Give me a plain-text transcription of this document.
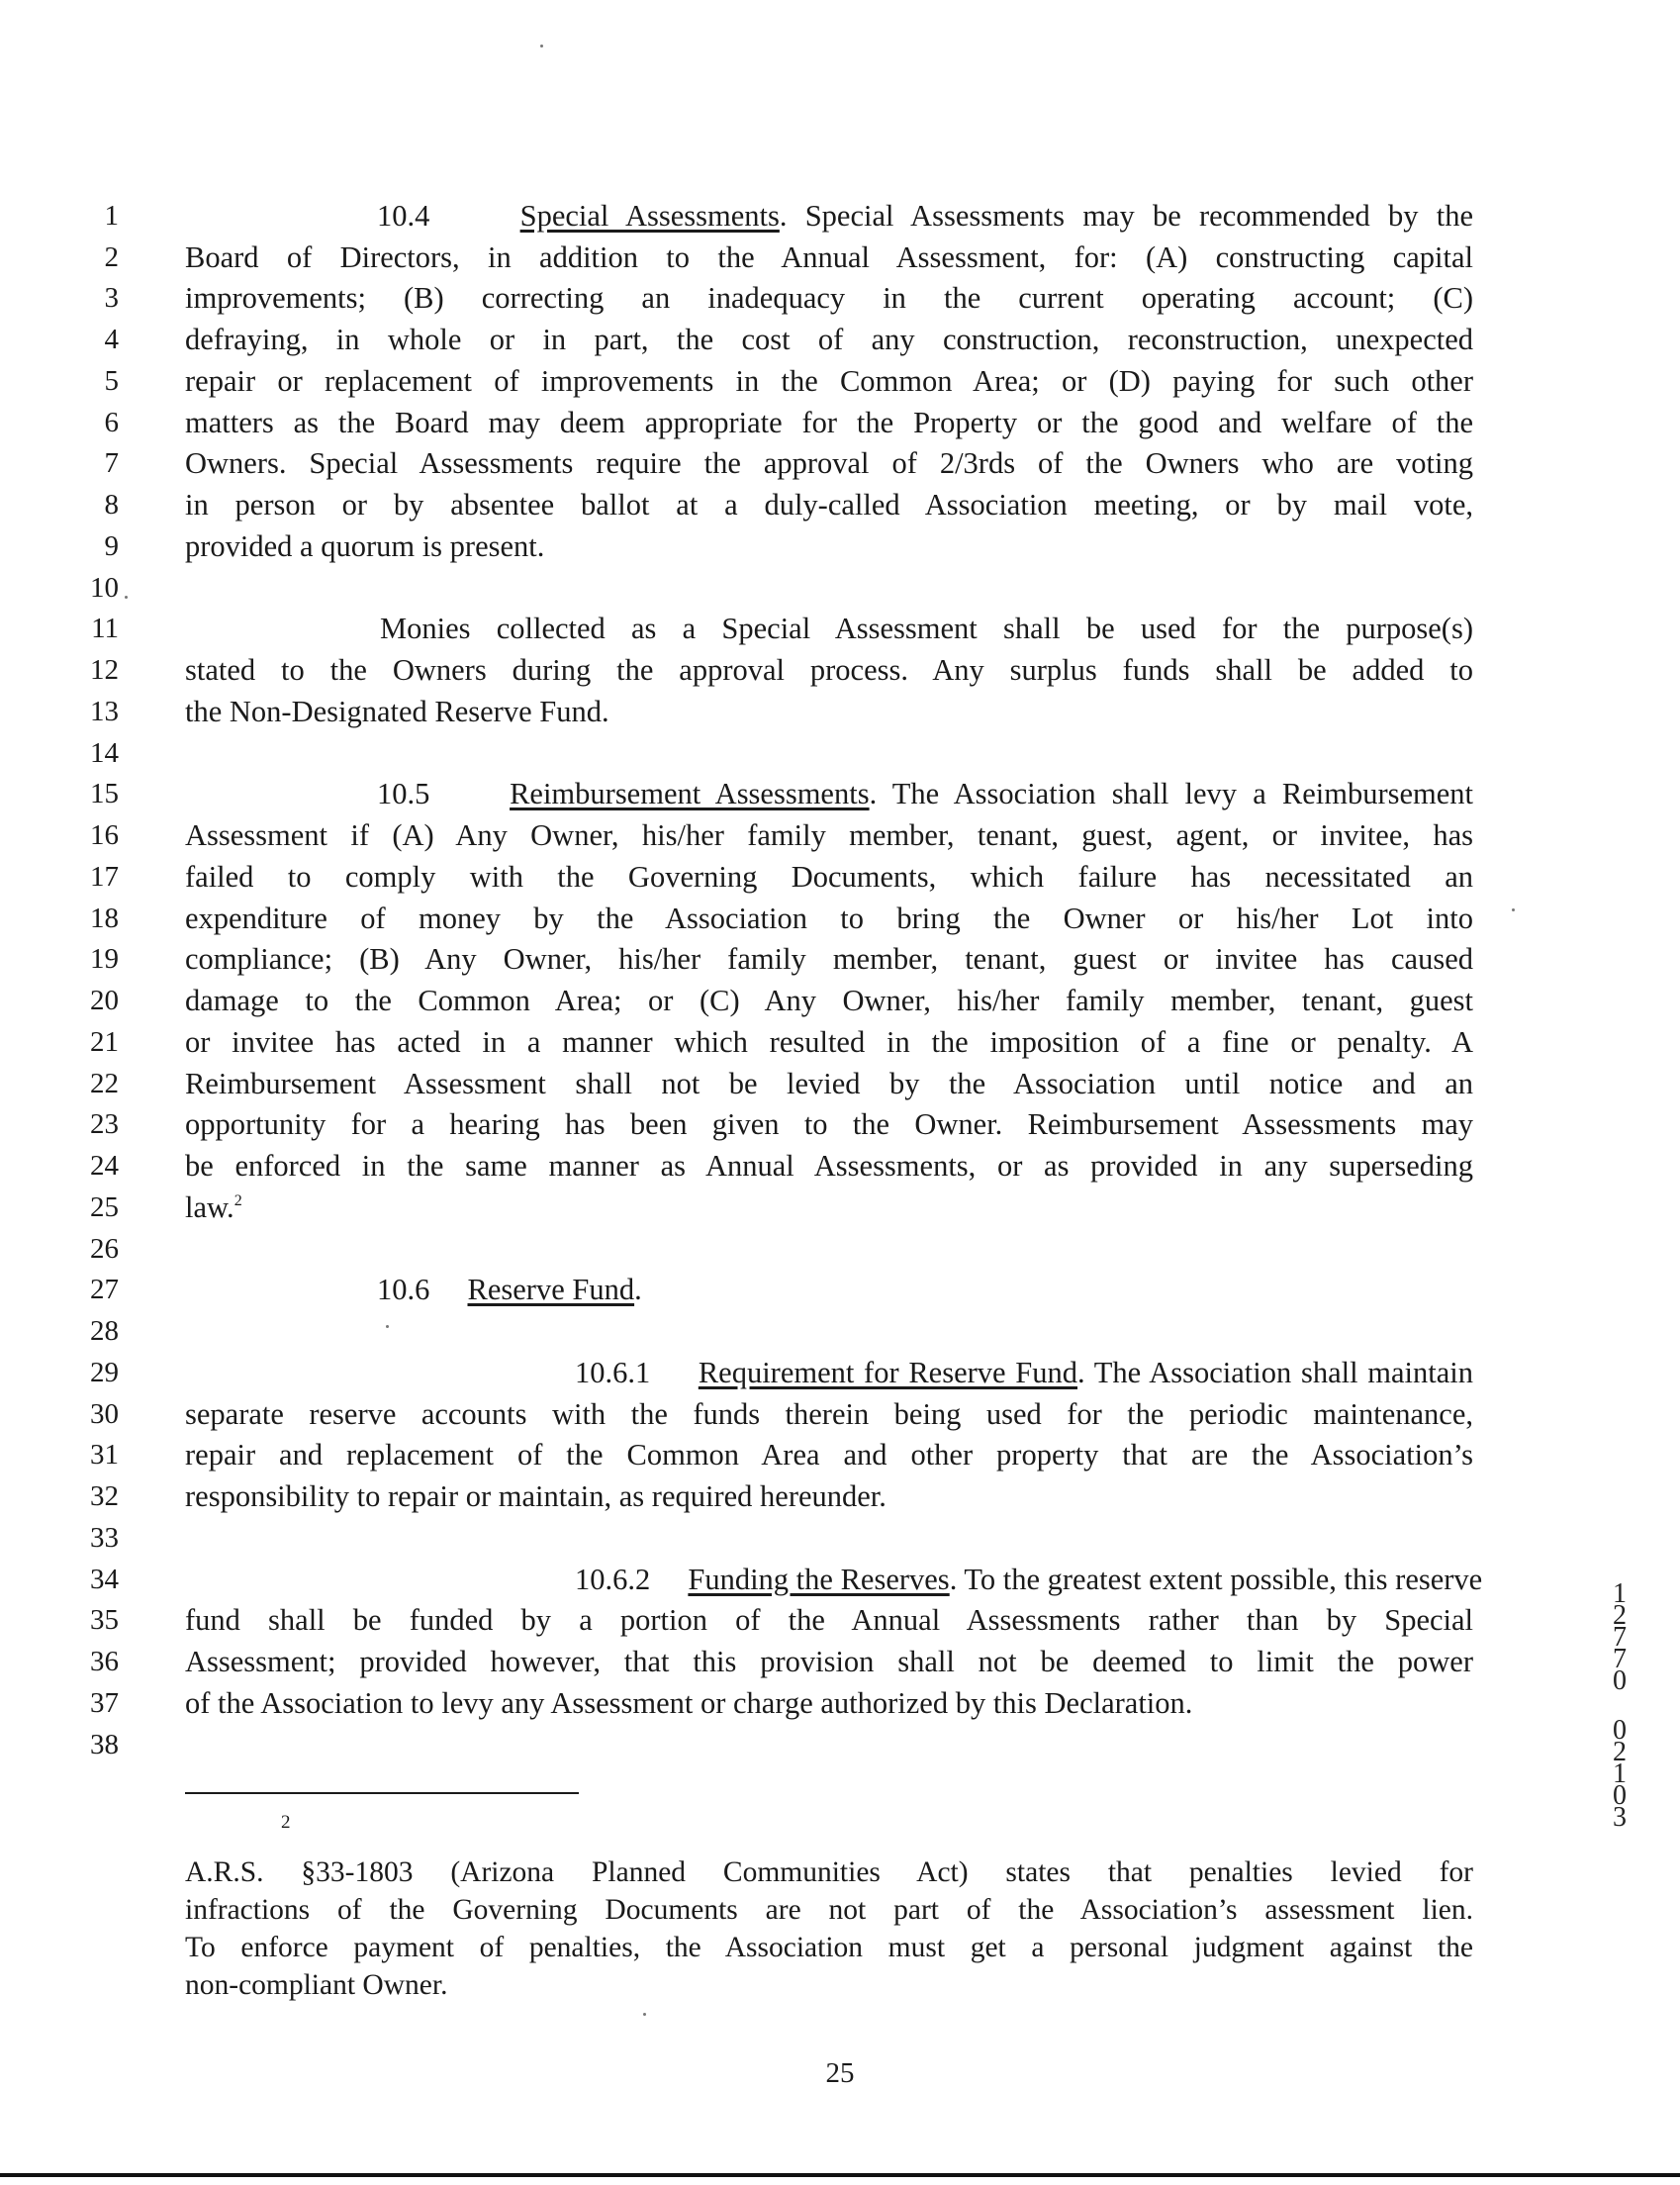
1
2
3
4
5
6
7
8
9
10
11
12
13
14
15
16
17
18
19
20
21
22
23
24
25
26
27
28
29
30
31
32
33
34
35
36
37
38
10.4	Special Assessments. Special Assessments may be recommended by the
Board of Directors, in addition to the Annual Assessment, for: (A) constructing capital
improvements; (B) correcting an inadequacy in the current operating account; (C)
defraying, in whole or in part, the cost of any construction, reconstruction, unexpected
repair or replacement of improvements in the Common Area; or (D) paying for such other
matters as the Board may deem appropriate for the Property or the good and welfare of the
Owners. Special Assessments require the approval of 2/3rds of the Owners who are voting
in person or by absentee ballot at a duly-called Association meeting, or by mail vote,
provided a quorum is present.
Monies collected as a Special Assessment shall be used for the purpose(s)
stated to the Owners during the approval process. Any surplus funds shall be added to
the Non-Designated Reserve Fund.
10.5	Reimbursement Assessments. The Association shall levy a Reimbursement
Assessment if (A) Any Owner, his/her family member, tenant, guest, agent, or invitee, has
failed to comply with the Governing Documents, which failure has necessitated an
expenditure of money by the Association to bring the Owner or his/her Lot into
compliance; (B) Any Owner, his/her family member, tenant, guest or invitee has caused
damage to the Common Area; or (C) Any Owner, his/her family member, tenant, guest
or invitee has acted in a manner which resulted in the imposition of a fine or penalty. A
Reimbursement Assessment shall not be levied by the Association until notice and an
opportunity for a hearing has been given to the Owner. Reimbursement Assessments may
be enforced in the same manner as Annual Assessments, or as provided in any superseding
law.$^2$
10.6 Reserve Fund.
10.6.1 Requirement for Reserve Fund. The Association shall maintain
separate reserve accounts with the funds therein being used for the periodic maintenance,
repair and replacement of the Common Area and other property that are the Association’s
responsibility to repair or maintain, as required hereunder.
10.6.2 Funding the Reserves. To the greatest extent possible, this reserve
fund shall be funded by a portion of the Annual Assessments rather than by Special
Assessment; provided however, that this provision shall not be deemed to limit the power
of the Association to levy any Assessment or charge authorized by this Declaration.
2
A.R.S. §33-1803 (Arizona Planned Communities Act) states that penalties levied for
infractions of the Governing Documents are not part of the Association’s assessment lien.
To enforce payment of penalties, the Association must get a personal judgment against the
non-compliant Owner.
25
1
2
7
7
0
0
2
1
0
3
